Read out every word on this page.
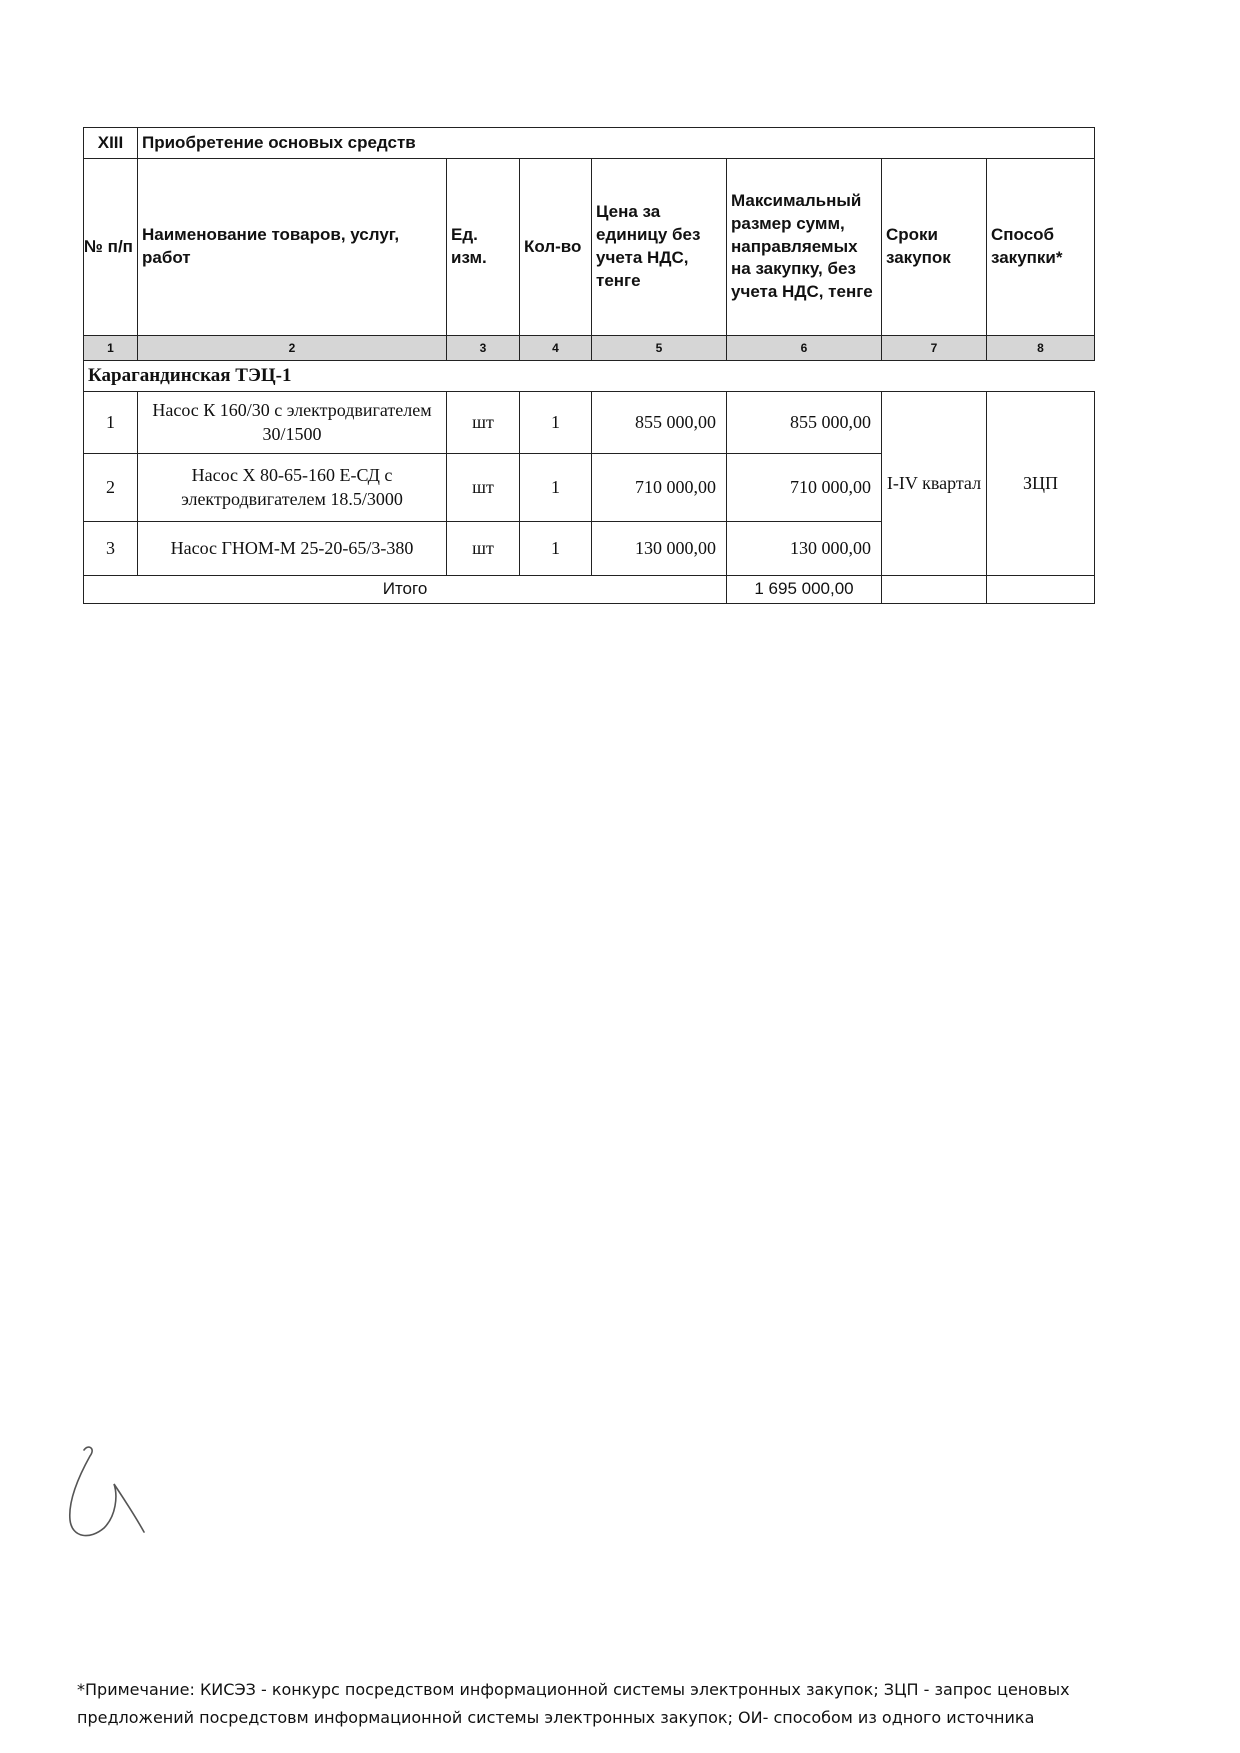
XIII	Приобретение основых средств						
№ п/п	Наименование товаров, услуг, работ	Ед. изм.	Кол-во	Цена за единицу без учета НДС, тенге	Максимальный размер сумм, направляемых на закупку, без учета НДС, тенге	Сроки закупок	Способ закупки*
1	2	3	4	5	6	7	8
Карагандинская ТЭЦ-1							
1	Насос К 160/30 с электродвигателем 30/1500	шт	1	855 000,00	855 000,00	I-IV квартал	ЗЦП
2	Насос Х 80-65-160 Е-СД с электродвигателем 18.5/3000	шт	1	710 000,00	710 000,00		
3	Насос ГНОМ-М 25-20-65/3-380	шт	1	130 000,00	130 000,00		
Итого					1 695 000,00		
*Примечание: КИСЭЗ - конкурс посредством информационной системы электронных закупок; ЗЦП - запрос ценовых предложений посредстовм информационной системы электронных закупок; ОИ- способом из одного источника
